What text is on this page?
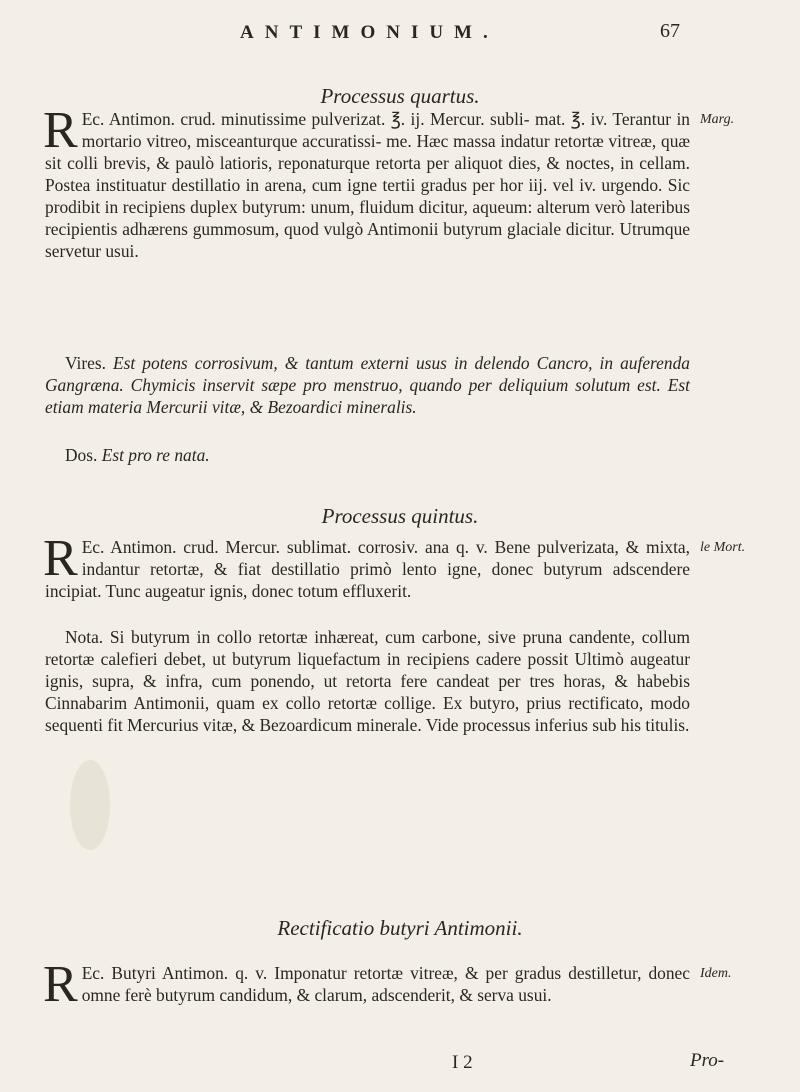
ANTIMONIUM.	67
Processus quartus.
Marg.
R Ec. Antimon. crud. minutissime pulverizat. ℥. ij. Mercur. subli- mat. ℥. iv. Terantur in mortario vitreo, misceanturque accuratissi- me. Hæc massa indatur retortæ vitreæ, quæ sit colli brevis, & paulò latioris, reponaturque retorta per aliquot dies, & noctes, in cellam. Postea instituatur destillatio in arena, cum igne tertii gradus per hor iij. vel iv. urgendo. Sic prodibit in recipiens duplex butyrum: unum, fluidum dicitur, aqueum: alterum verò lateribus recipientis adhærens gummosum, quod vulgò Antimonii butyrum glaciale dicitur. Utrumque servetur usui.
Vires. Est potens corrosivum, & tantum externi usus in delendo Cancro, in auferenda Gangræna. Chymicis inservit sæpe pro menstruo, quando per deliquium solutum est. Est etiam materia Mercurii vitæ, & Bezoardici mineralis.
Dos. Est pro re nata.
Processus quintus.
le Mort.
R Ec. Antimon. crud. Mercur. sublimat. corrosiv. ana q. v. Bene pulverizata, & mixta, indantur retortæ, & fiat destillatio primò lento igne, donec butyrum adscendere incipiat. Tunc augeatur ignis, donec totum effluxerit.
Nota. Si butyrum in collo retortæ inhæreat, cum carbone, sive pruna candente, collum retortæ calefieri debet, ut butyrum liquefactum in recipiens cadere possit Ultimò augeatur ignis, supra, & infra, cum ponendo, ut retorta fere candeat per tres horas, & habebis Cinnabarim Antimonii, quam ex collo retortæ collige. Ex butyro, prius rectificato, modo sequenti fit Mercurius vitæ, & Bezoardicum minerale. Vide processus inferius sub his titulis.
Rectificatio butyri Antimonii.
Idem.
R Ec. Butyri Antimon. q. v. Imponatur retortæ vitreæ, & per gradus destilletur, donec omne ferè butyrum candidum, & clarum, adscenderit, & serva usui.
I 2	Pro-
